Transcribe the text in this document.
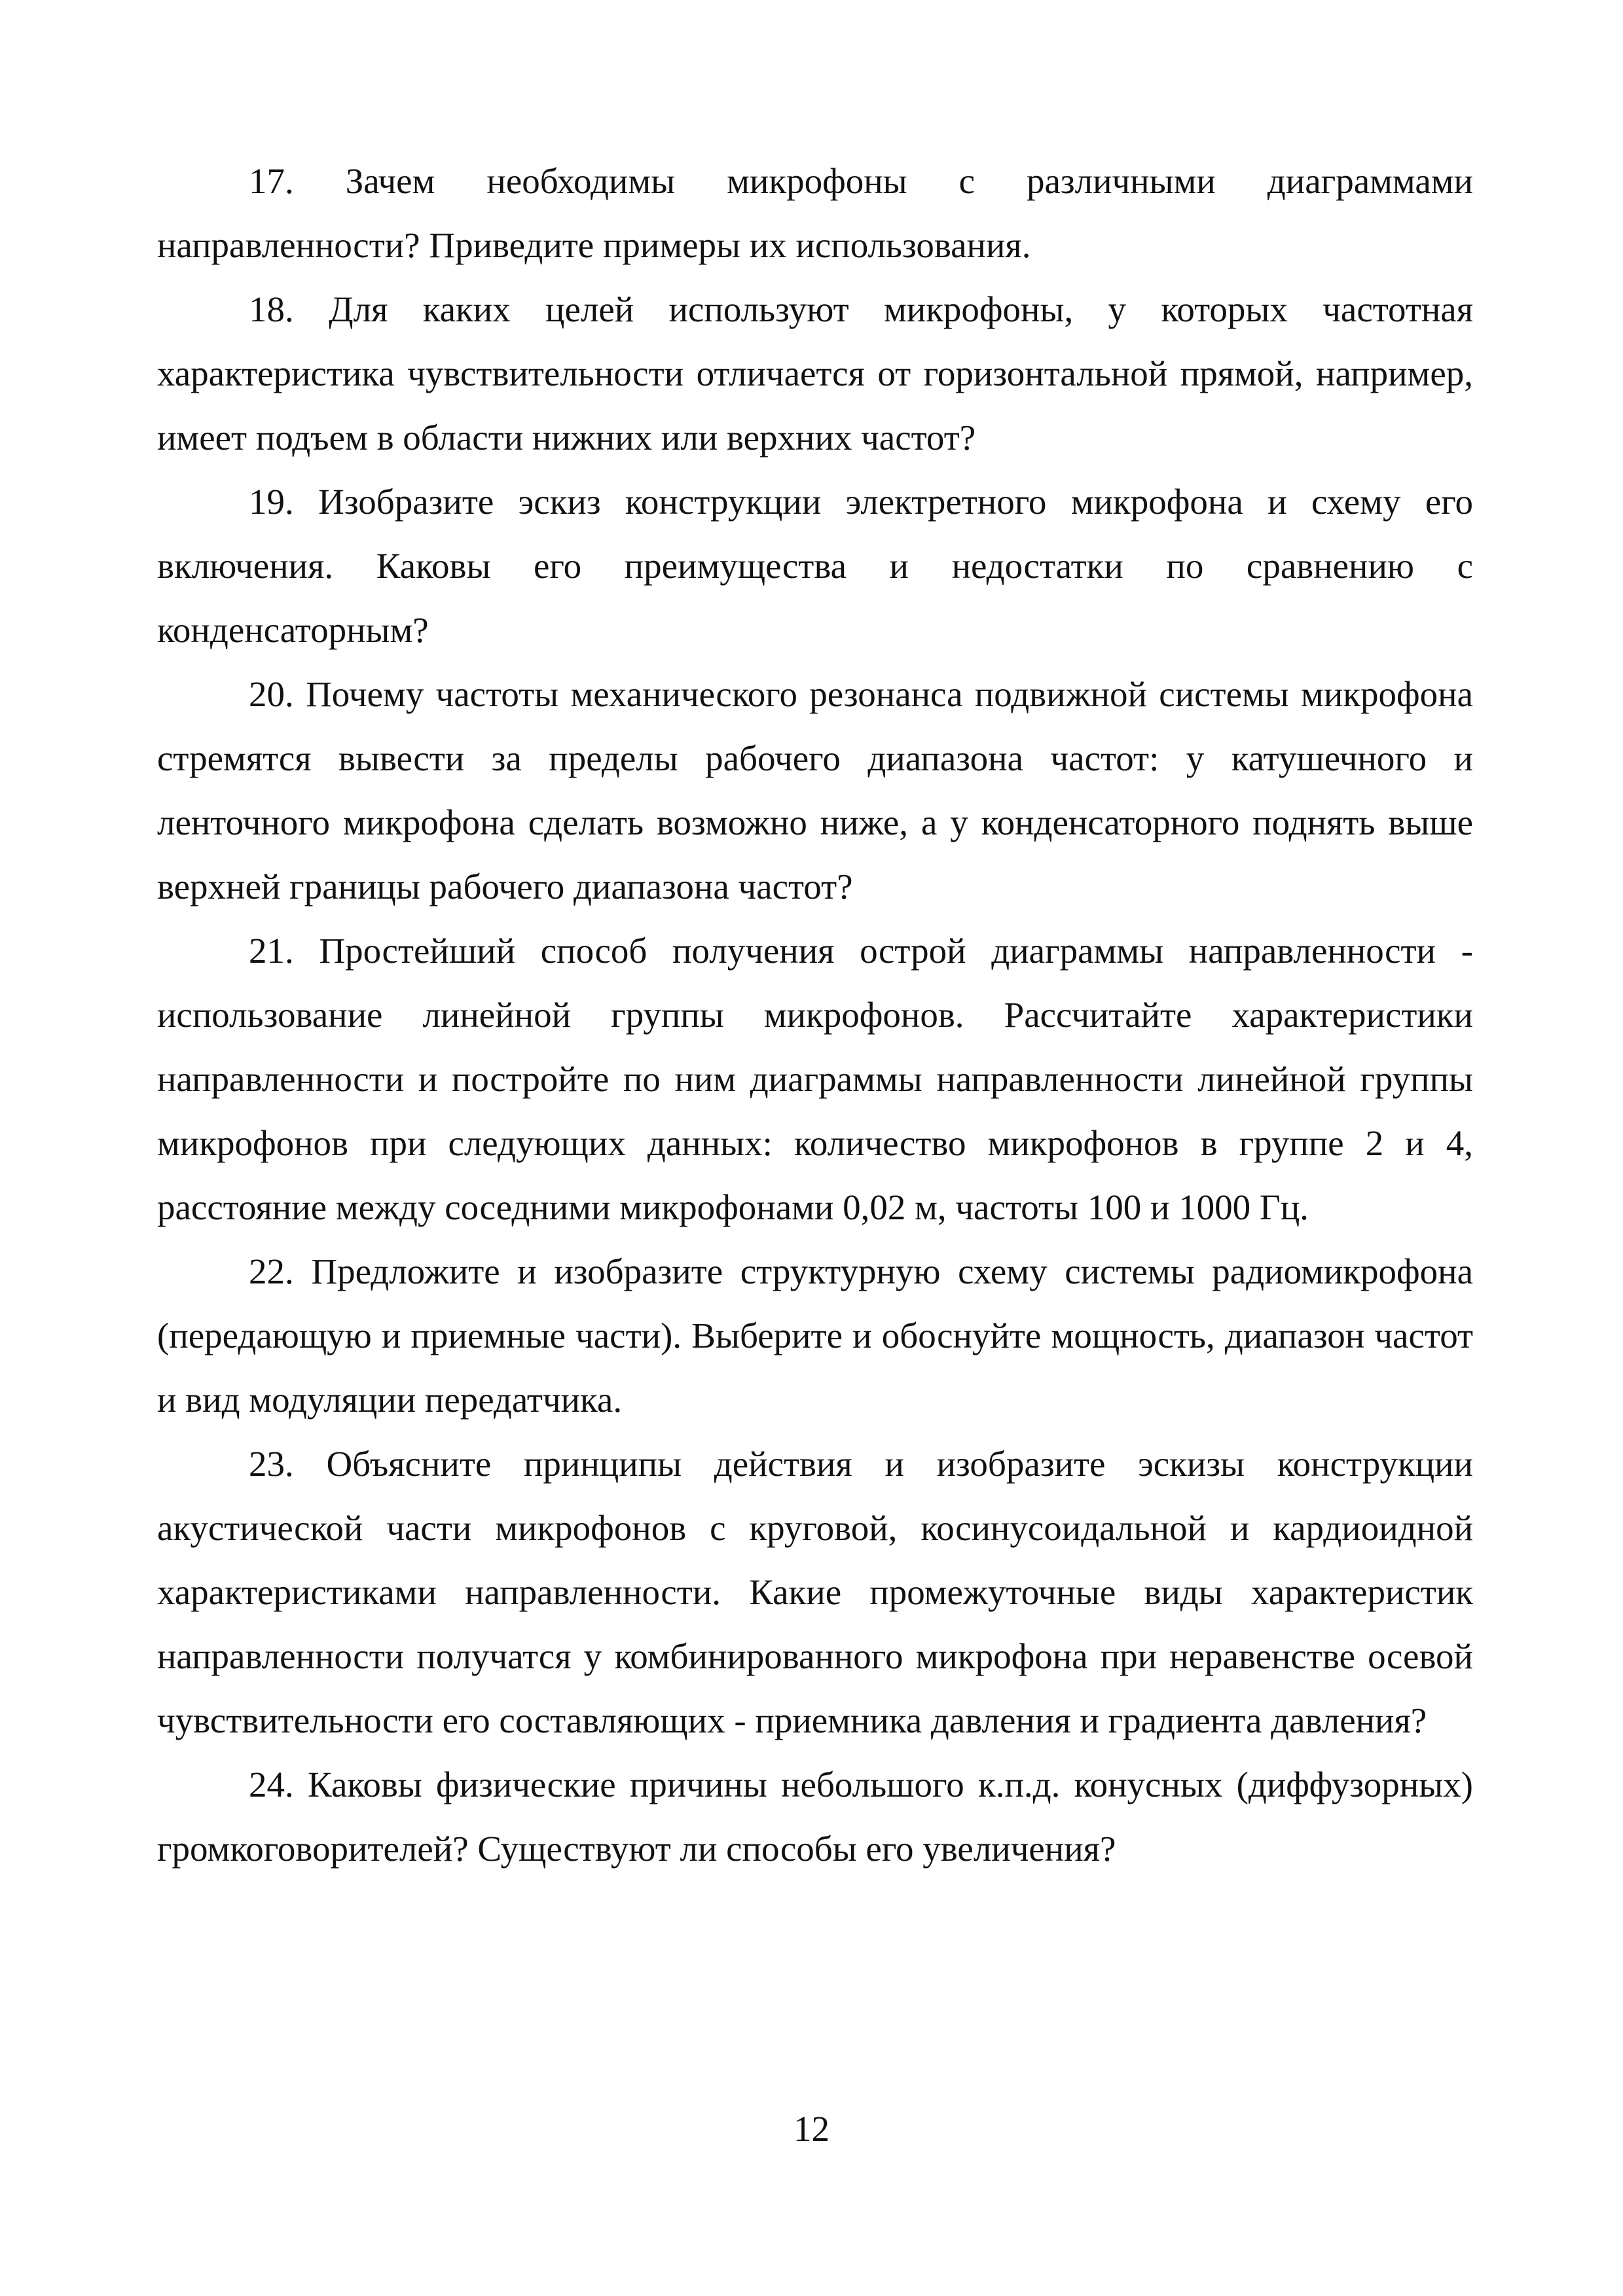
17. Зачем необходимы микрофоны с различными диаграммами направленности? Приведите примеры их использования.

18. Для каких целей используют микрофоны, у которых частотная характеристика чувствительности отличается от горизонтальной прямой, например, имеет подъем в области нижних или верхних частот?

19. Изобразите эскиз конструкции электретного микрофона и схему его включения. Каковы его преимущества и недостатки по сравнению с конденсаторным?

20. Почему частоты механического резонанса подвижной системы микрофона стремятся вывести за пределы рабочего диапазона частот: у катушечного и ленточного микрофона сделать возможно ниже, а у конденсаторного поднять выше верхней границы рабочего диапазона частот?

21. Простейший способ получения острой диаграммы направленности - использование линейной группы микрофонов. Рассчитайте характеристики направленности и постройте по ним диаграммы направленности линейной группы микрофонов при следующих данных: количество микрофонов в группе 2 и 4, расстояние между соседними микрофонами 0,02 м, частоты 100 и 1000 Гц.

22. Предложите и изобразите структурную схему системы радиомикрофона (передающую и приемные части). Выберите и обоснуйте мощность, диапазон частот и вид модуляции передатчика.

23. Объясните принципы действия и изобразите эскизы конструкции акустической части микрофонов с круговой, косинусоидальной и кардиоидной характеристиками направленности. Какие промежуточные виды характеристик направленности получатся у комбинированного микрофона при неравенстве осевой чувствительности его составляющих - приемника давления и градиента давления?

24. Каковы физические причины небольшого к.п.д. конусных (диффузорных) громкоговорителей? Существуют ли способы его увеличения?

12
